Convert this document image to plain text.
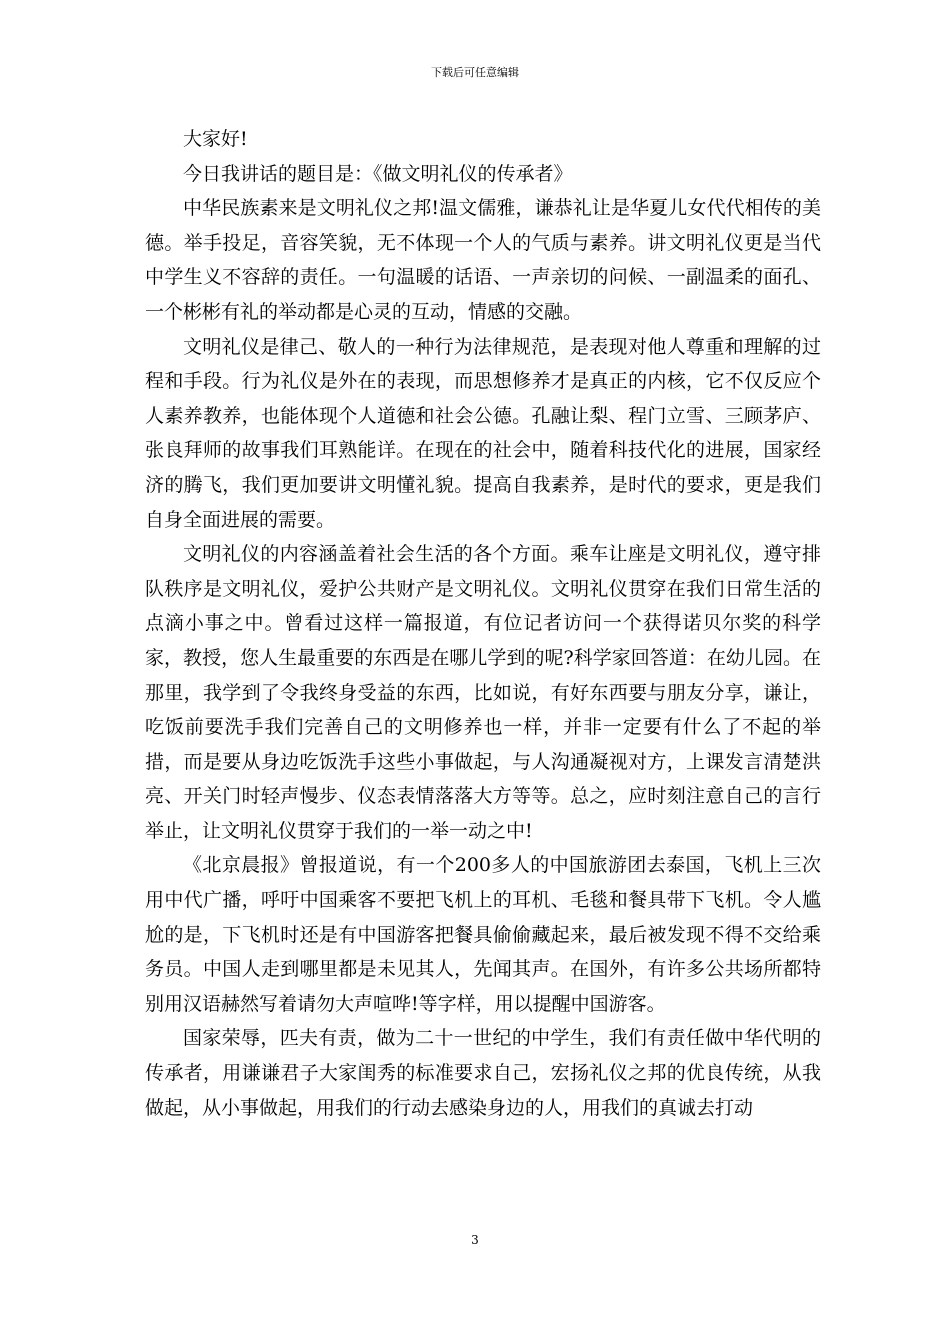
下载后可任意编辑

大家好!

今日我讲话的题目是：《做文明礼仪的传承者》

中华民族素来是文明礼仪之邦!温文儒雅，谦恭礼让是华夏儿女代代相传的美德。举手投足，音容笑貌，无不体现一个人的气质与素养。讲文明礼仪更是当代中学生义不容辞的责任。一句温暖的话语、一声亲切的问候、一副温柔的面孔、一个彬彬有礼的举动都是心灵的互动，情感的交融。

文明礼仪是律己、敬人的一种行为法律规范，是表现对他人尊重和理解的过程和手段。行为礼仪是外在的表现，而思想修养才是真正的内核，它不仅反应个人素养教养，也能体现个人道德和社会公德。孔融让梨、程门立雪、三顾茅庐、张良拜师的故事我们耳熟能详。在现在的社会中，随着科技代化的进展，国家经济的腾飞，我们更加要讲文明懂礼貌。提高自我素养，是时代的要求，更是我们自身全面进展的需要。

文明礼仪的内容涵盖着社会生活的各个方面。乘车让座是文明礼仪，遵守排队秩序是文明礼仪，爱护公共财产是文明礼仪。文明礼仪贯穿在我们日常生活的点滴小事之中。曾看过这样一篇报道，有位记者访问一个获得诺贝尔奖的科学家，教授，您人生最重要的东西是在哪儿学到的呢?科学家回答道：在幼儿园。在那里，我学到了令我终身受益的东西，比如说，有好东西要与朋友分享，谦让，吃饭前要洗手我们完善自己的文明修养也一样，并非一定要有什么了不起的举措，而是要从身边吃饭洗手这些小事做起，与人沟通凝视对方，上课发言清楚洪亮、开关门时轻声慢步、仪态表情落落大方等等。总之，应时刻注意自己的言行举止，让文明礼仪贯穿于我们的一举一动之中!

《北京晨报》曾报道说，有一个200多人的中国旅游团去泰国，飞机上三次用中代广播，呼吁中国乘客不要把飞机上的耳机、毛毯和餐具带下飞机。令人尴尬的是，下飞机时还是有中国游客把餐具偷偷藏起来，最后被发现不得不交给乘务员。中国人走到哪里都是未见其人，先闻其声。在国外，有许多公共场所都特别用汉语赫然写着请勿大声喧哗!等字样，用以提醒中国游客。

国家荣辱，匹夫有责，做为二十一世纪的中学生，我们有责任做中华代明的传承者，用谦谦君子大家闺秀的标准要求自己，宏扬礼仪之邦的优良传统，从我做起，从小事做起，用我们的行动去感染身边的人，用我们的真诚去打动

3
